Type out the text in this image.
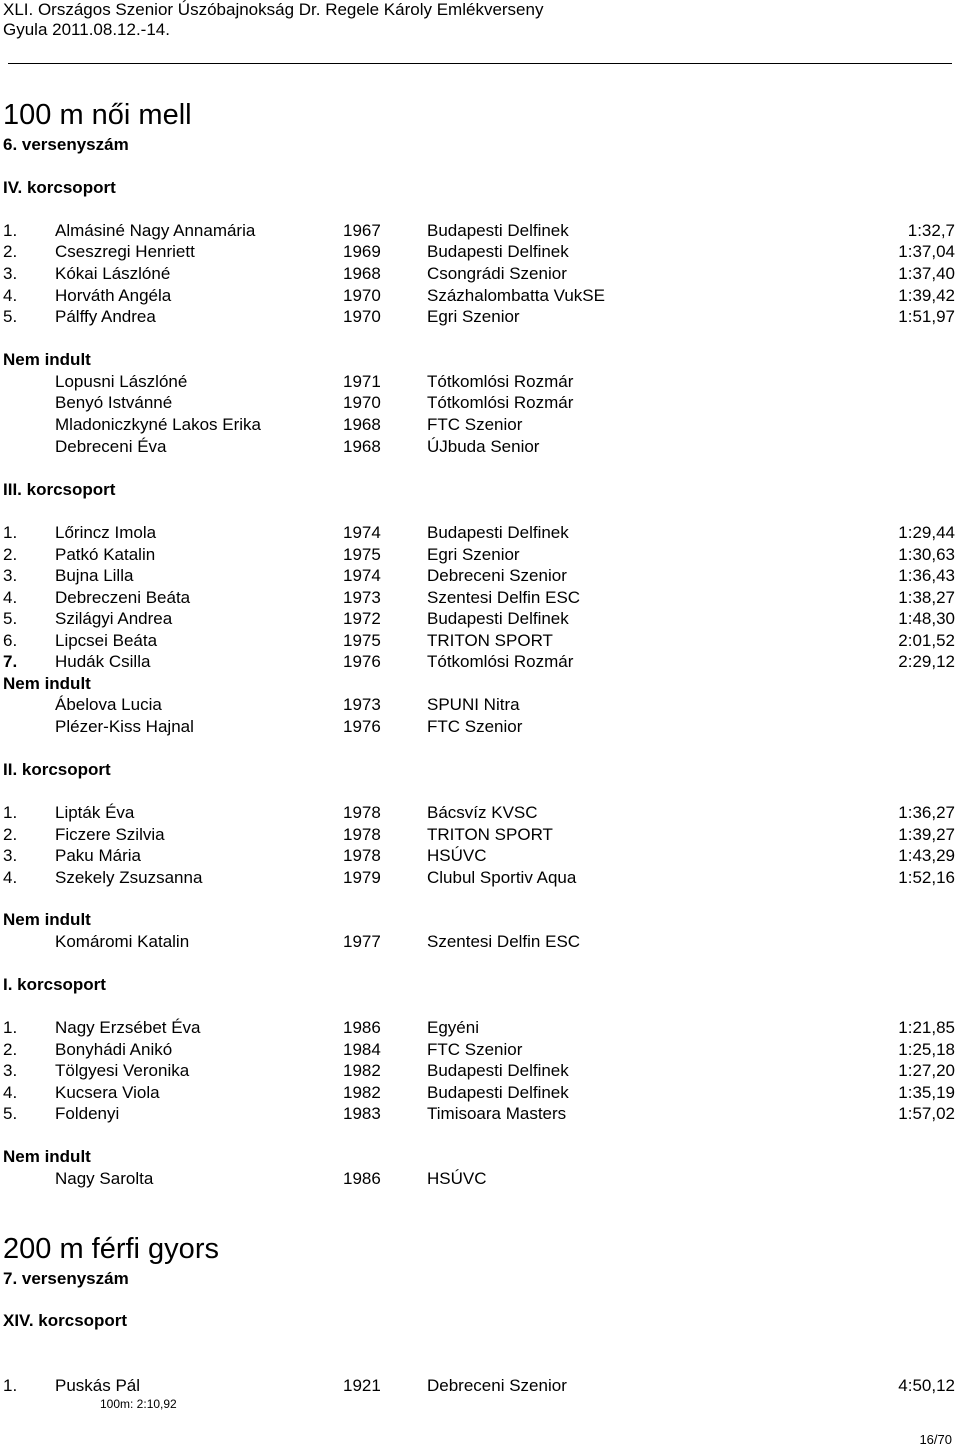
XLI. Országos Szenior Úszóbajnokság Dr. Regele Károly Emlékverseny
Gyula 2011.08.12.-14.
100 m női mell
6. versenyszám
IV. korcsoport
1. Almásiné Nagy Annamária	1967	Budapesti Delfinek	1:32,7
2. Cseszregi Henriett	1969	Budapesti Delfinek	1:37,04
3. Kókai Lászlóné	1968	Csongrádi Szenior	1:37,40
4. Horváth Angéla	1970	Százhalombatta VukSE	1:39,42
5. Pálffy Andrea	1970	Egri Szenior	1:51,97
Nem indult
Lopusni Lászlóné	1971	Tótkomlósi Rozmár
Benyó Istvánné	1970	Tótkomlósi Rozmár
Mladoniczkyné Lakos Erika	1968	FTC Szenior
Debreceni Éva	1968	ÚJbuda Senior
III. korcsoport
1. Lőrincz Imola	1974	Budapesti Delfinek	1:29,44
2. Patkó Katalin	1975	Egri Szenior	1:30,63
3. Bujna Lilla	1974	Debreceni Szenior	1:36,43
4. Debreczeni Beáta	1973	Szentesi Delfin ESC	1:38,27
5. Szilágyi Andrea	1972	Budapesti Delfinek	1:48,30
6. Lipcsei Beáta	1975	TRITON SPORT	2:01,52
7. Hudák Csilla	1976	Tótkomlósi Rozmár	2:29,12
Nem indult
Ábelova Lucia	1973	SPUNI Nitra
Plézer-Kiss Hajnal	1976	FTC Szenior
II. korcsoport
1. Lipták Éva	1978	Bácsvíz KVSC	1:36,27
2. Ficzere Szilvia	1978	TRITON SPORT	1:39,27
3. Paku Mária	1978	HSÚVC	1:43,29
4. Szekely Zsuzsanna	1979	Clubul Sportiv Aqua	1:52,16
Nem indult
Komáromi Katalin	1977	Szentesi Delfin ESC
I. korcsoport
1. Nagy Erzsébet Éva	1986	Egyéni	1:21,85
2. Bonyhádi Anikó	1984	FTC Szenior	1:25,18
3. Tölgyesi Veronika	1982	Budapesti Delfinek	1:27,20
4. Kucsera Viola	1982	Budapesti Delfinek	1:35,19
5. Foldenyi	1983	Timisoara Masters	1:57,02
Nem indult
Nagy Sarolta	1986	HSÚVC
200 m férfi gyors
7. versenyszám
XIV. korcsoport
1. Puskás Pál	1921	Debreceni Szenior	4:50,12
100m: 2:10,92
16/70
